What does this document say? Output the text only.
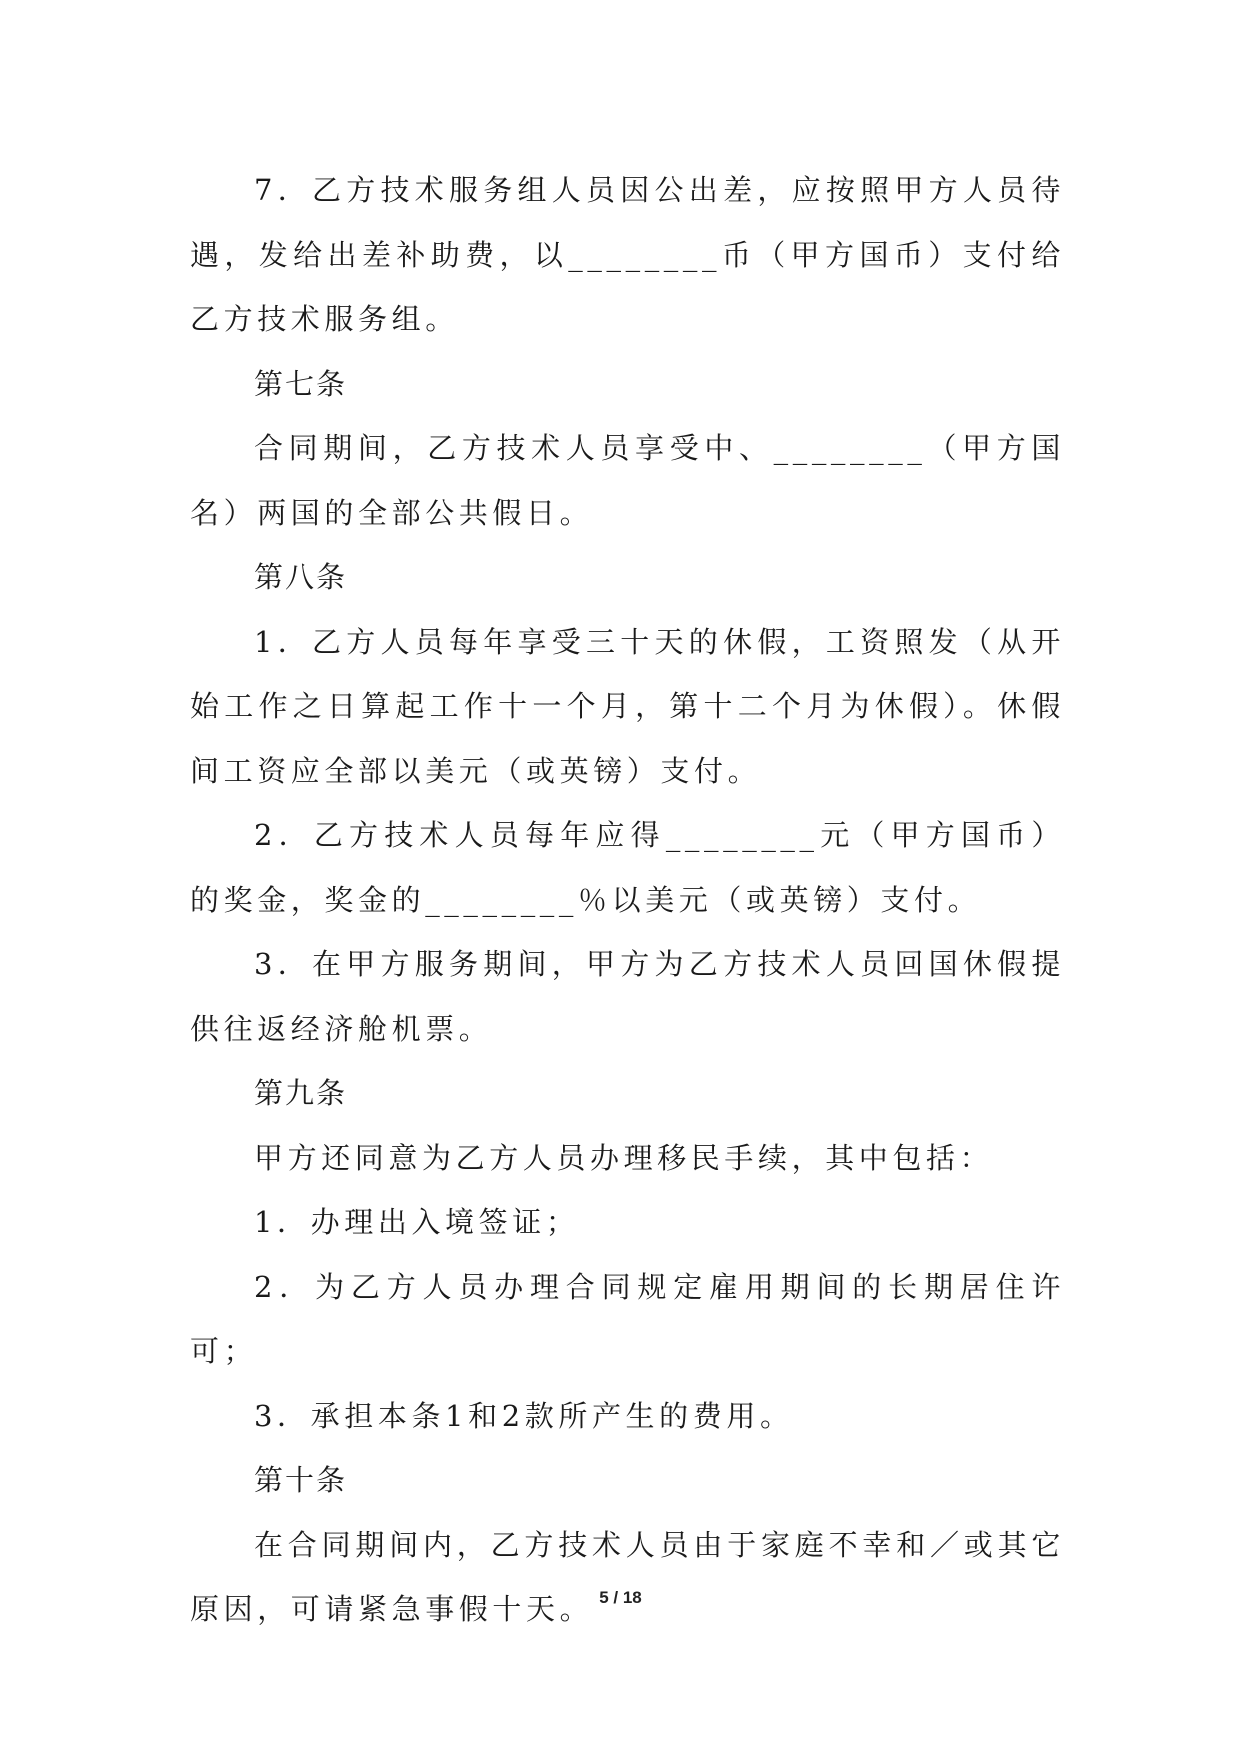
7．乙方技术服务组人员因公出差，应按照甲方人员待遇，发给出差补助费，以________币（甲方国币）支付给乙方技术服务组。

第七条

合同期间，乙方技术人员享受中、________（甲方国名）两国的全部公共假日。

第八条

1．乙方人员每年享受三十天的休假，工资照发（从开始工作之日算起工作十一个月，第十二个月为休假）。休假间工资应全部以美元（或英镑）支付。

2．乙方技术人员每年应得________元（甲方国币）的奖金，奖金的________％以美元（或英镑）支付。

3．在甲方服务期间，甲方为乙方技术人员回国休假提供往返经济舱机票。

第九条

甲方还同意为乙方人员办理移民手续，其中包括：

1．办理出入境签证；

2．为乙方人员办理合同规定雇用期间的长期居住许可；

3．承担本条1和2款所产生的费用。

第十条

在合同期间内，乙方技术人员由于家庭不幸和／或其它原因，可请紧急事假十天。 5 / 18
